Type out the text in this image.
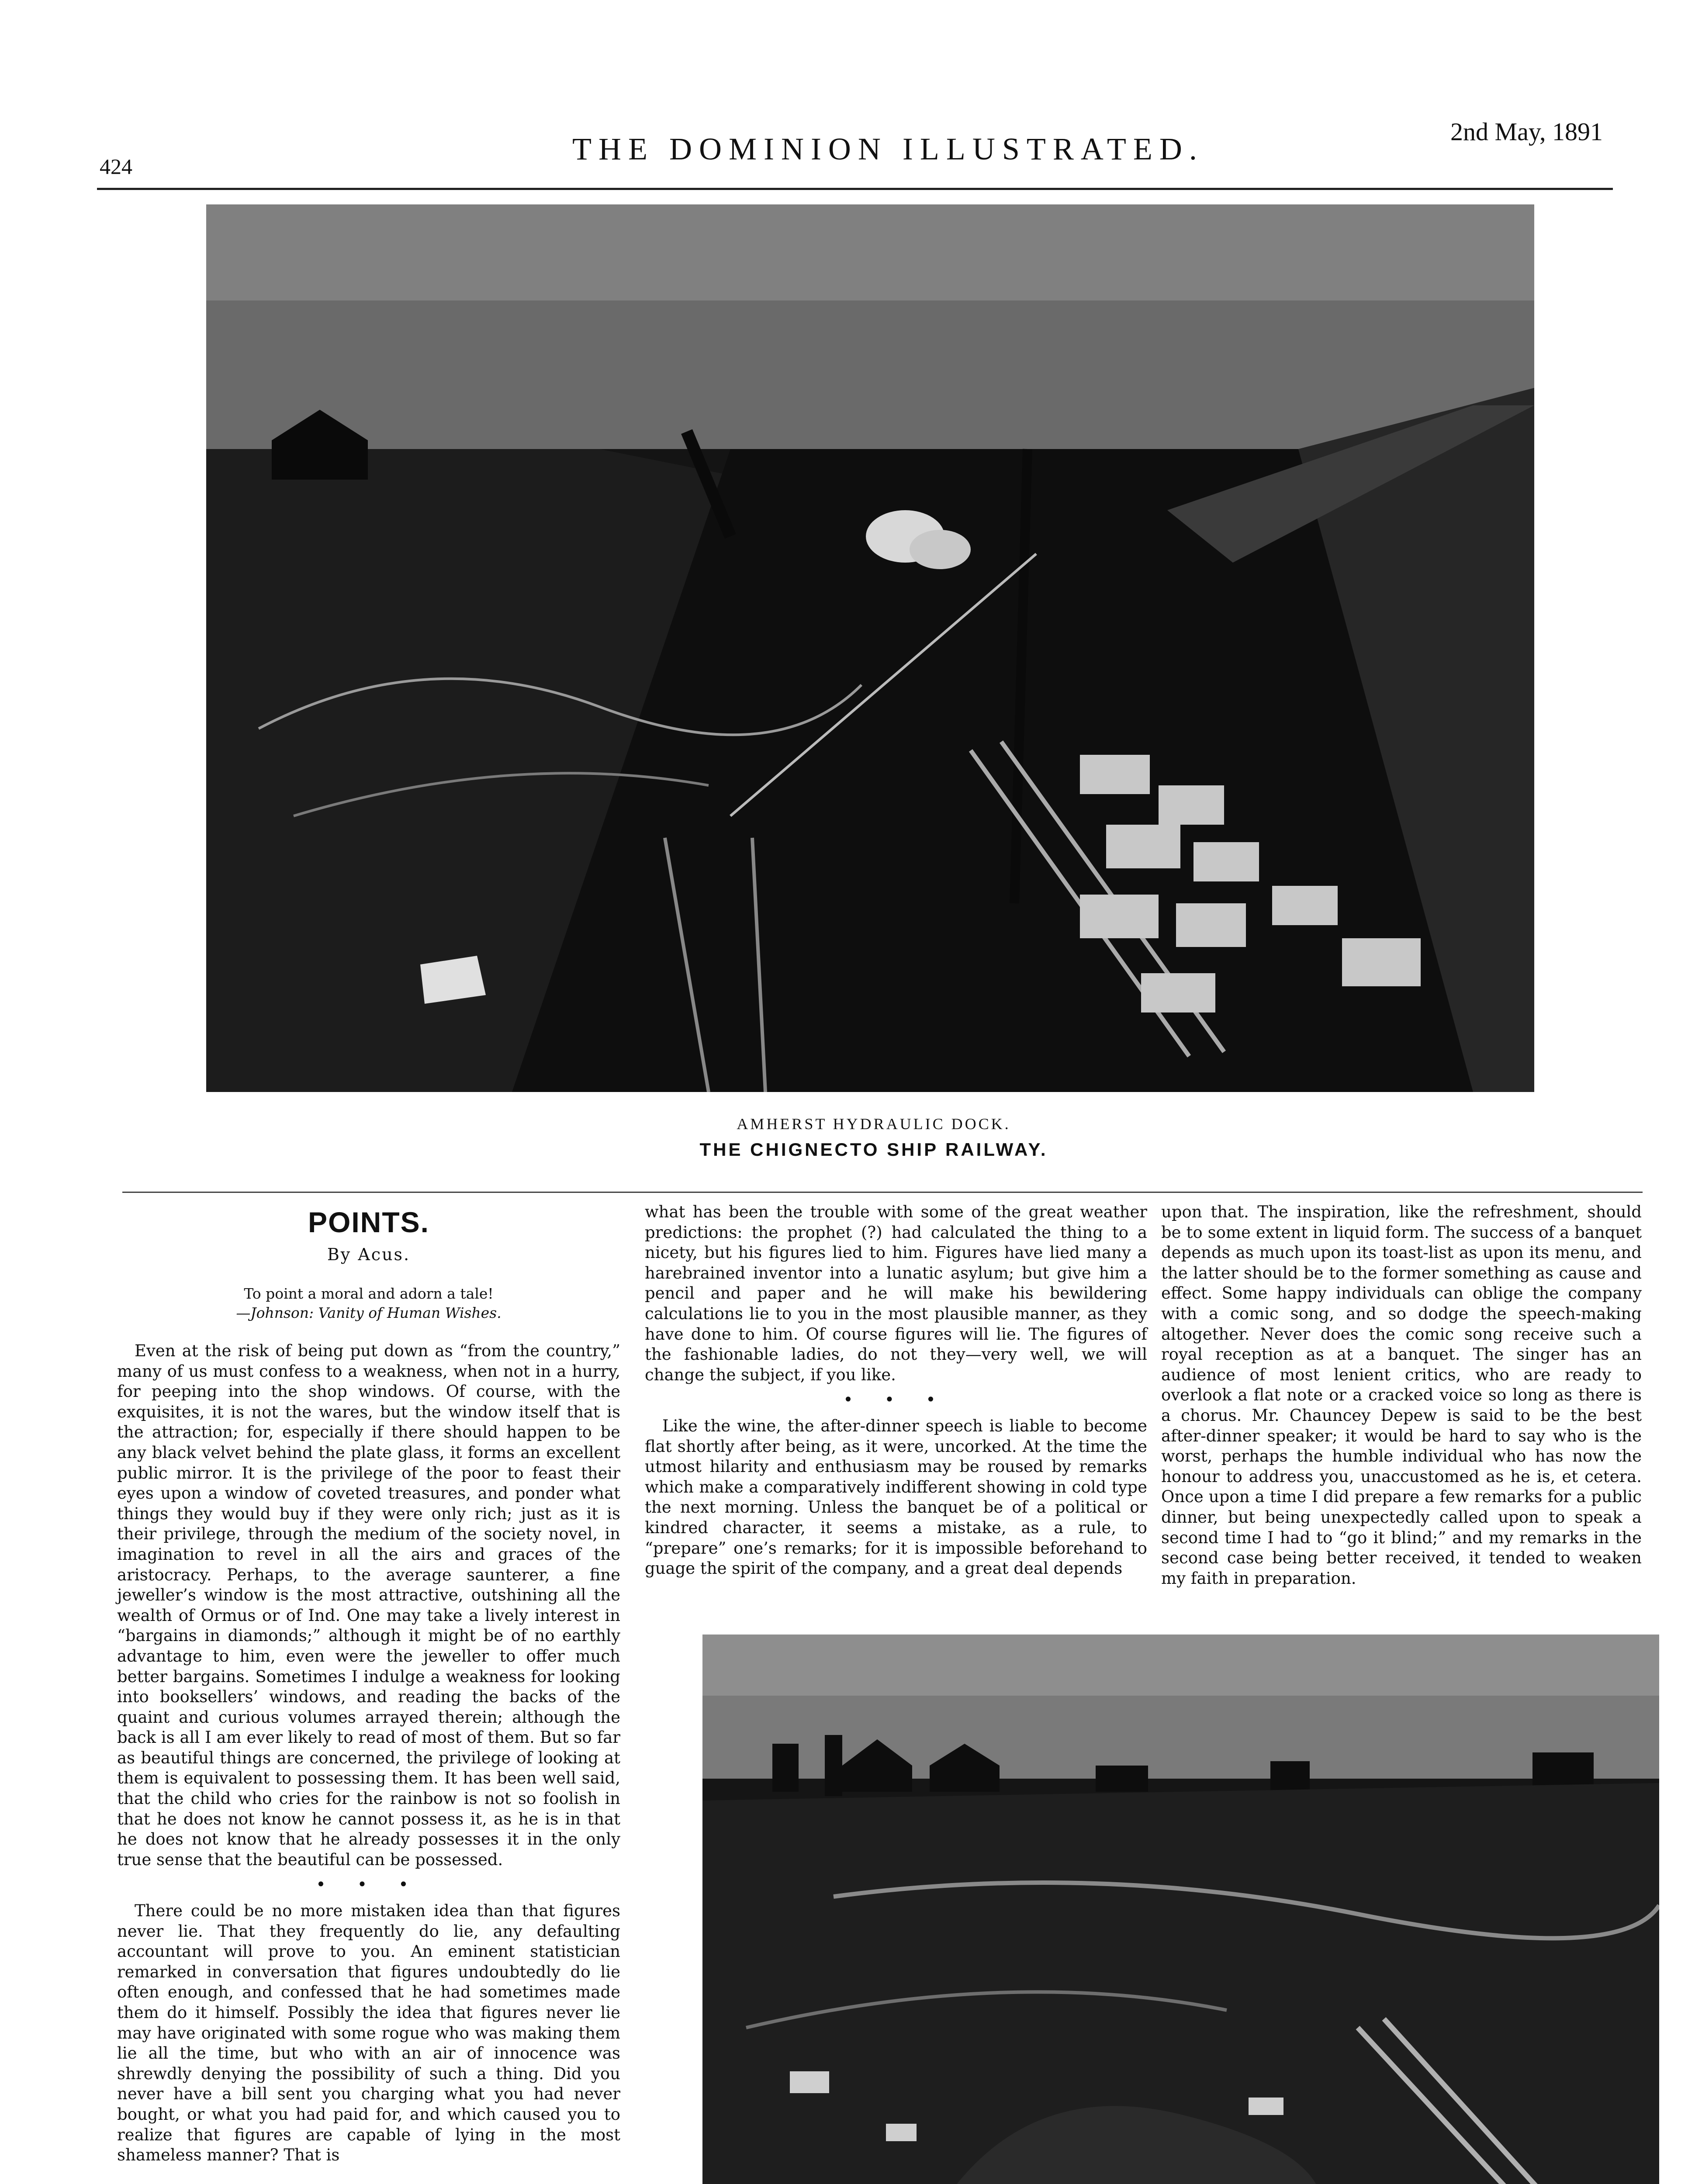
424	THE DOMINION ILLUSTRATED.	2nd May, 1891
AMHERST HYDRAULIC DOCK.
THE CHIGNECTO SHIP RAILWAY.
POINTS.
By Acus.
To point a moral and adorn a tale!
—Johnson: Vanity of Human Wishes.

Even at the risk of being put down as “from the country,” many of us must confess to a weakness, when not in a hurry, for peeping into the shop windows. Of course, with the exquisites, it is not the wares, but the window itself that is the attraction; for, especially if there should happen to be any black velvet behind the plate glass, it forms an excellent public mirror. It is the privilege of the poor to feast their eyes upon a window of coveted treasures, and ponder what things they would buy if they were only rich; just as it is their privilege, through the medium of the society novel, in imagination to revel in all the airs and graces of the aristocracy. Perhaps, to the average saunterer, a fine jeweller’s window is the most attractive, outshining all the wealth of Ormus or of Ind. One may take a lively interest in “bargains in diamonds;” although it might be of no earthly advantage to him, even were the jeweller to offer much better bargains. Sometimes I indulge a weakness for looking into booksellers’ windows, and reading the backs of the quaint and curious volumes arrayed therein; although the back is all I am ever likely to read of most of them. But so far as beautiful things are concerned, the privilege of looking at them is equivalent to possessing them. It has been well said, that the child who cries for the rainbow is not so foolish in that he does not know he cannot possess it, as he is in that he does not know that he already possesses it in the only true sense that the beautiful can be possessed.

• • •

There could be no more mistaken idea than that figures never lie. That they frequently do lie, any defaulting accountant will prove to you. An eminent statistician remarked in conversation that figures undoubtedly do lie often enough, and confessed that he had sometimes made them do it himself. Possibly the idea that figures never lie may have originated with some rogue who was making them lie all the time, but who with an air of innocence was shrewdly denying the possibility of such a thing. Did you never have a bill sent you charging what you had never bought, or what you had paid for, and which caused you to realize that figures are capable of lying in the most shameless manner? That is

what has been the trouble with some of the great weather predictions: the prophet (?) had calculated the thing to a nicety, but his figures lied to him. Figures have lied many a harebrained inventor into a lunatic asylum; but give him a pencil and paper and he will make his bewildering calculations lie to you in the most plausible manner, as they have done to him. Of course figures will lie. The figures of the fashionable ladies, do not they—very well, we will change the subject, if you like.

• • •

Like the wine, the after-dinner speech is liable to become flat shortly after being, as it were, uncorked. At the time the utmost hilarity and enthusiasm may be roused by remarks which make a comparatively indifferent showing in cold type the next morning. Unless the banquet be of a political or kindred character, it seems a mistake, as a rule, to “prepare” one’s remarks; for it is impossible beforehand to guage the spirit of the company, and a great deal depends

upon that. The inspiration, like the refreshment, should be to some extent in liquid form. The success of a banquet depends as much upon its toast-list as upon its menu, and the latter should be to the former something as cause and effect. Some happy individuals can oblige the company with a comic song, and so dodge the speech-making altogether. Never does the comic song receive such a royal reception as at a banquet. The singer has an audience of most lenient critics, who are ready to overlook a flat note or a cracked voice so long as there is a chorus. Mr. Chauncey Depew is said to be the best after-dinner speaker; it would be hard to say who is the worst, perhaps the humble individual who has now the honour to address you, unaccustomed as he is, et cetera. Once upon a time I did prepare a few remarks for a public dinner, but being unexpectedly called upon to speak a second time I had to “go it blind;” and my remarks in the second case being better received, it tended to weaken my faith in preparation.
